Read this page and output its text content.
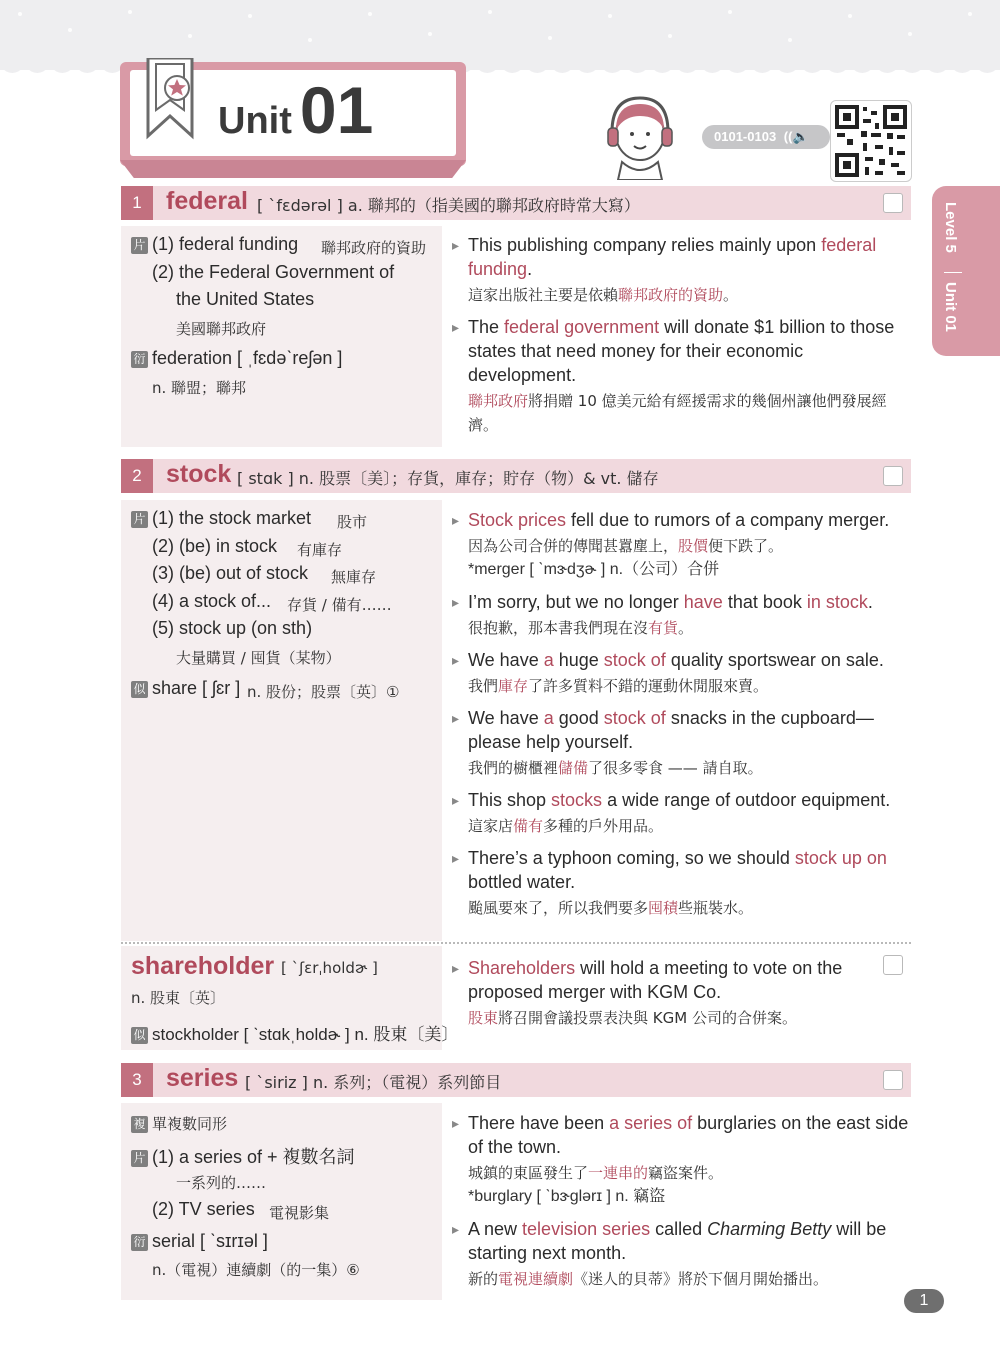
Unit 01	0101-0103 ((🔈
Level 5
Unit 01
1 federal [ ˋfɛdərəl ] a. 聯邦的（指美國的聯邦政府時常大寫）
片 (1) federal funding 聯邦政府的資助
(2) the Federal Government of
the United States
美國聯邦政府
衍 federation [ ˌfɛdəˋreʃən ]
n. 聯盟；聯邦
▸ This publishing company relies mainly upon federal funding.
這家出版社主要是依賴聯邦政府的資助。
▸ The federal government will donate $1 billion to those states that need money for their economic development.
聯邦政府將捐贈 10 億美元給有經援需求的幾個州讓他們發展經濟。
2 stock [ stɑk ] n. 股票〔美〕；存貨，庫存；貯存（物）& vt. 儲存
片 (1) the stock market 股市
(2) (be) in stock 有庫存
(3) (be) out of stock 無庫存
(4) a stock of... 存貨 / 備有……
(5) stock up (on sth)
大量購買 / 囤貨（某物）
似 share [ ʃɛr ] n. 股份；股票〔英〕①
▸ Stock prices fell due to rumors of a company merger.
因為公司合併的傳聞甚囂塵上，股價便下跌了。
*merger [ ˋmɝdʒɚ ] n.（公司）合併
▸ I’m sorry, but we no longer have that book in stock.
很抱歉，那本書我們現在沒有貨。
▸ We have a huge stock of quality sportswear on sale.
我們庫存了許多質料不錯的運動休閒服來賣。
▸ We have a good stock of snacks in the cupboard—please help yourself.
我們的櫥櫃裡儲備了很多零食 —— 請自取。
▸ This shop stocks a wide range of outdoor equipment.
這家店備有多種的戶外用品。
▸ There’s a typhoon coming, so we should stock up on bottled water.
颱風要來了，所以我們要多囤積些瓶裝水。
shareholder [ ˋʃɛrˌholdɚ ]
n. 股東〔英〕
似 stockholder [ ˋstɑkˌholdɚ ] n. 股東〔美〕
▸ Shareholders will hold a meeting to vote on the proposed merger with KGM Co.
股東將召開會議投票表決與 KGM 公司的合併案。
3 series [ ˋsiriz ] n. 系列；（電視）系列節目
複 單複數同形
片 (1) a series of + 複數名詞
一系列的……
(2) TV series 電視影集
衍 serial [ ˋsɪrɪəl ]
n.（電視）連續劇（的一集）⑥
▸ There have been a series of burglaries on the east side of the town.
城鎮的東區發生了一連串的竊盜案件。
*burglary [ ˋbɝglərɪ ] n. 竊盜
▸ A new television series called Charming Betty will be starting next month.
新的電視連續劇《迷人的貝蒂》將於下個月開始播出。
1
